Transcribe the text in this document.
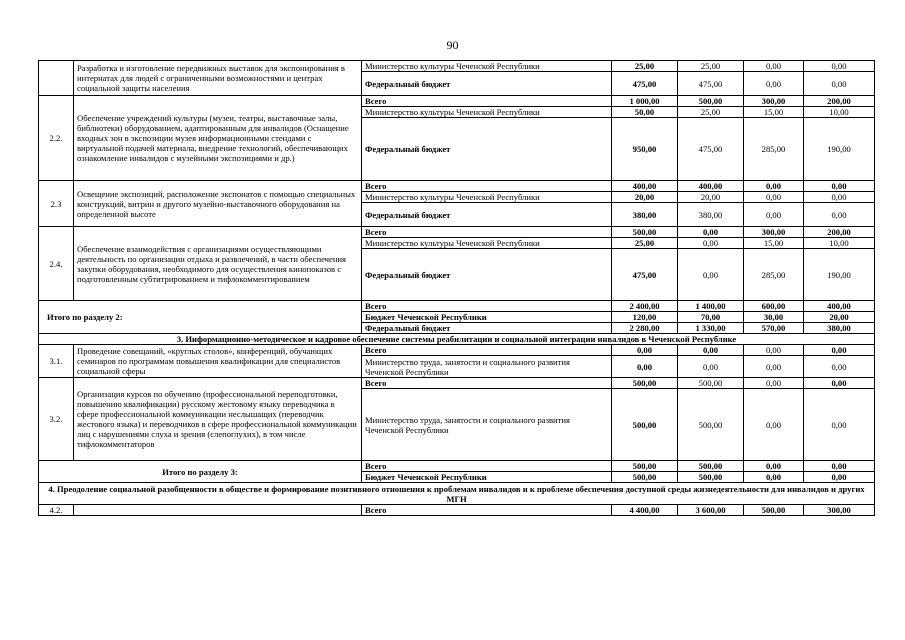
90
	Разработка и изготовление передвижных выставок для экспонирования в интернатах для людей с ограниченными возможностями и центрах социальной защиты населения	Министерство культуры Чеченской Республики	25,00	25,00	0,00	0,00
		Федеральный бюджет	475,00	475,00	0,00	0,00
2.2.	Обеспечение учреждений культуры (музеи, театры, выставочные залы, библиотеки) оборудованием, адаптированным для инвалидов (Оснащение входных зон в экспозиции музея информационными стендами с виртуальной подачей материала, внедрение технологий, обеспечивающих ознакомление инвалидов с музейными экспозициями и др.)	Всего	1 000,00	500,00	300,00	200,00
		Министерство культуры Чеченской Республики	50,00	25,00	15,00	10,00
		Федеральный бюджет	950,00	475,00	285,00	190,00
2.3	Освещение экспозиций, расположение экспонатов с помощью специальных конструкций, витрин и другого музейно-выставочного оборудования на определенной высоте	Всего	400,00	400,00	0,00	0,00
		Министерство культуры Чеченской Республики	20,00	20,00	0,00	0,00
		Федеральный бюджет	380,00	380,00	0,00	0,00
2.4.	Обеспечение взаимодействия с организациями осуществляющими деятельность по организации отдыха и развлечений, в части обеспечения закупки оборудования, необходимого для осуществления кинопоказов с подготовленным субтитрированием и тифлокомментированием	Всего	500,00	0,00	300,00	200,00
		Министерство культуры Чеченской Республики	25,00	0,00	15,00	10,00
		Федеральный бюджет	475,00	0,00	285,00	190,00
Итого по разделу 2:		Всего	2 400,00	1 400,00	600,00	400,00
		Бюджет Чеченской Республики	120,00	70,00	30,00	20,00
		Федеральный бюджет	2 280,00	1 330,00	570,00	380,00
3. Информационно-методическое и кадровое обеспечение системы реабилитации и социальной интеграции инвалидов в Чеченской Республике						
3.1.	Проведение совещаний, «круглых столов», конференций, обучающих семинаров по программам повышения квалификации для специалистов социальной сферы	Всего	0,00	0,00	0,00	0,00
		Министерство труда, занятости и социального развития Чеченской Республики	0,00	0,00	0,00	0,00
3.2.	Организация курсов по обучению (профессиональной переподготовки, повышению квалификации) русскому жестовому языку переводчика в сфере профессиональной коммуникации неслышащих (переводчик жестового языка) и переводчиков в сфере профессиональной коммуникации лиц с нарушениями слуха и зрения (слепоглухих), в том числе тифлокомментаторов	Всего	500,00	500,00	0,00	0,00
		Министерство труда, занятости и социального развития Чеченской Республики	500,00	500,00	0,00	0,00
Итого по разделу 3:		Всего	500,00	500,00	0,00	0,00
		Бюджет Чеченской Республики	500,00	500,00	0,00	0,00
4. Преодоление социальной разобщенности в обществе и формирование позитивного отношения к проблемам инвалидов и к проблеме обеспечения доступной среды жизнедеятельности для инвалидов и других МГН						
4.2.		Всего	4 400,00	3 600,00	500,00	300,00
